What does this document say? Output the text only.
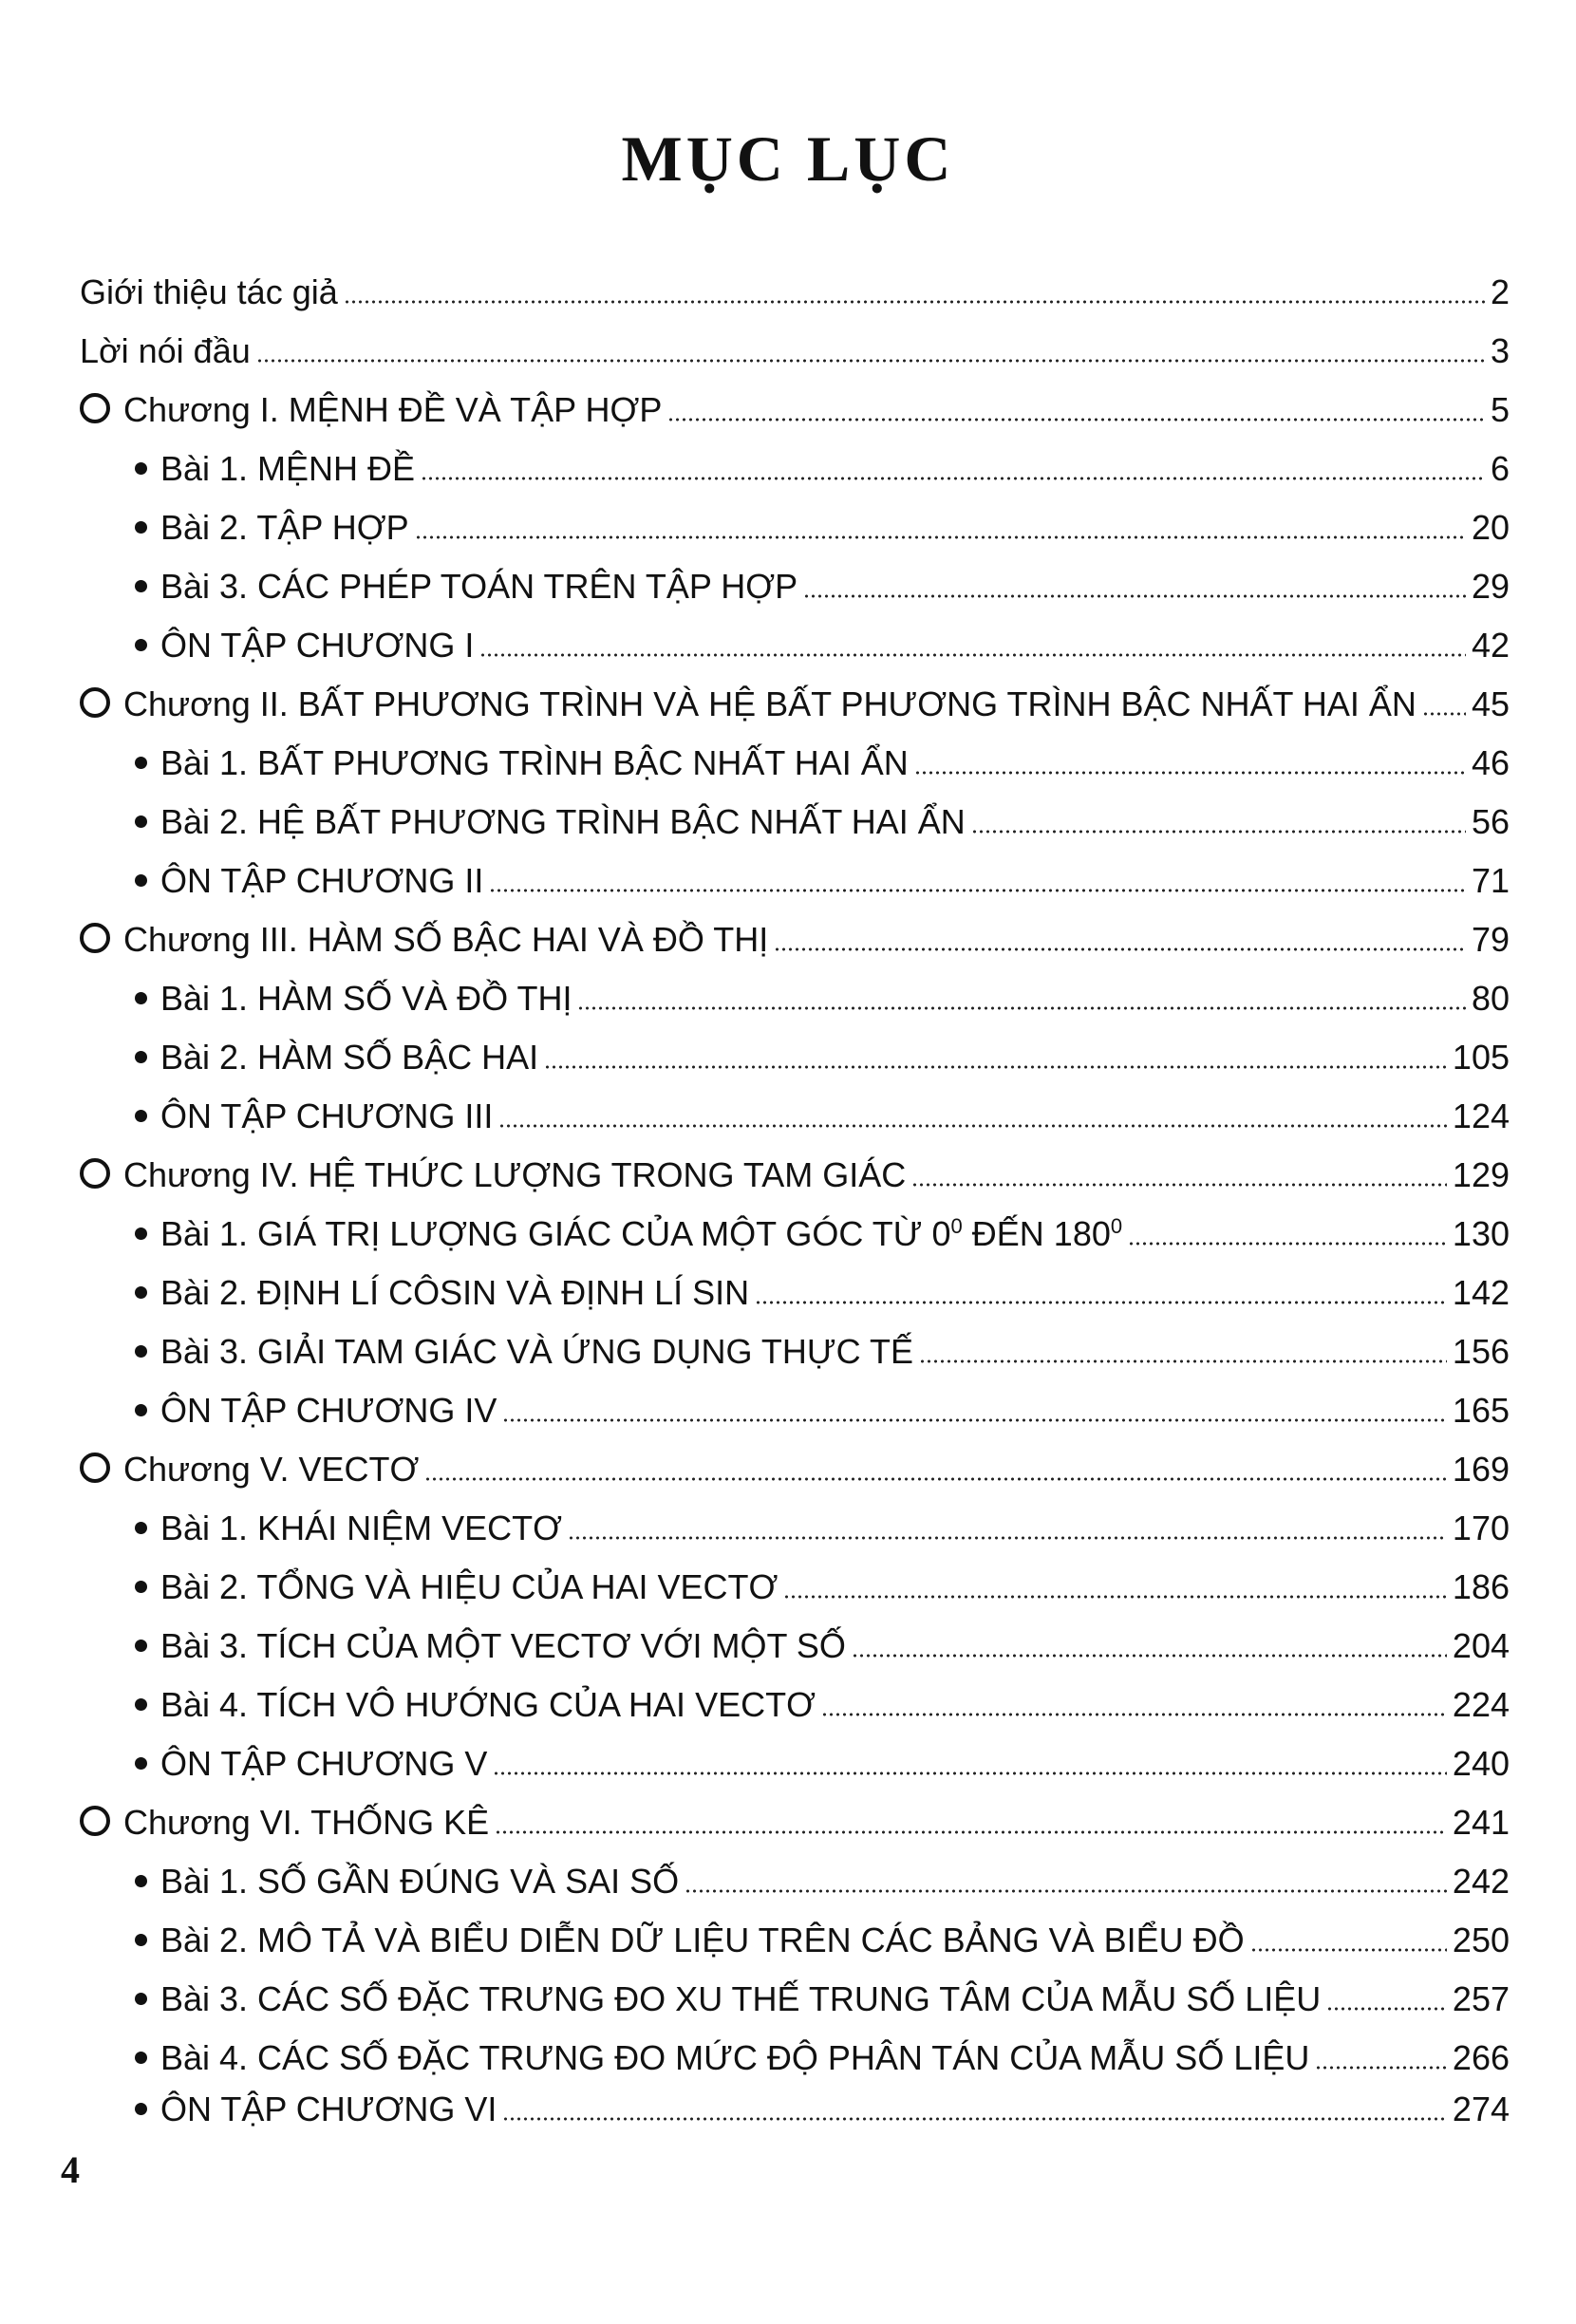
MỤC LỤC
Giới thiệu tác giả	2
Lời nói đầu	3
Chương I. MỆNH ĐỀ VÀ TẬP HỢP	5
Bài 1. MỆNH ĐỀ	6
Bài 2. TẬP HỢP	20
Bài 3. CÁC PHÉP TOÁN TRÊN TẬP HỢP	29
ÔN TẬP CHƯƠNG I	42
Chương II. BẤT PHƯƠNG TRÌNH VÀ HỆ BẤT PHƯƠNG TRÌNH BẬC NHẤT HAI ẨN 45
Bài 1. BẤT PHƯƠNG TRÌNH BẬC NHẤT HAI ẨN	46
Bài 2. HỆ BẤT PHƯƠNG TRÌNH BẬC NHẤT HAI ẨN	56
ÔN TẬP CHƯƠNG II	71
Chương III. HÀM SỐ BẬC HAI VÀ ĐỒ THỊ	79
Bài 1. HÀM SỐ VÀ ĐỒ THỊ	80
Bài 2. HÀM SỐ BẬC HAI	105
ÔN TẬP CHƯƠNG III	124
Chương IV. HỆ THỨC LƯỢNG TRONG TAM GIÁC	129
Bài 1. GIÁ TRỊ LƯỢNG GIÁC CỦA MỘT GÓC TỪ $0^0$ ĐẾN $180^0$	130
Bài 2. ĐỊNH LÍ CÔSIN VÀ ĐỊNH LÍ SIN	142
Bài 3. GIẢI TAM GIÁC VÀ ỨNG DỤNG THỰC TẾ	156
ÔN TẬP CHƯƠNG IV	165
Chương V. VECTƠ	169
Bài 1. KHÁI NIỆM VECTƠ	170
Bài 2. TỔNG VÀ HIỆU CỦA HAI VECTƠ	186
Bài 3. TÍCH CỦA MỘT VECTƠ VỚI MỘT SỐ	204
Bài 4. TÍCH VÔ HƯỚNG CỦA HAI VECTƠ	224
ÔN TẬP CHƯƠNG V	240
Chương VI. THỐNG KÊ	241
Bài 1. SỐ GẦN ĐÚNG VÀ SAI SỐ	242
Bài 2. MÔ TẢ VÀ BIỂU DIỄN DỮ LIỆU TRÊN CÁC BẢNG VÀ BIỂU ĐỒ	250
Bài 3. CÁC SỐ ĐẶC TRƯNG ĐO XU THẾ TRUNG TÂM CỦA MẪU SỐ LIỆU	257
Bài 4. CÁC SỐ ĐẶC TRƯNG ĐO MỨC ĐỘ PHÂN TÁN CỦA MẪU SỐ LIỆU	266
ÔN TẬP CHƯƠNG VI	274
4
